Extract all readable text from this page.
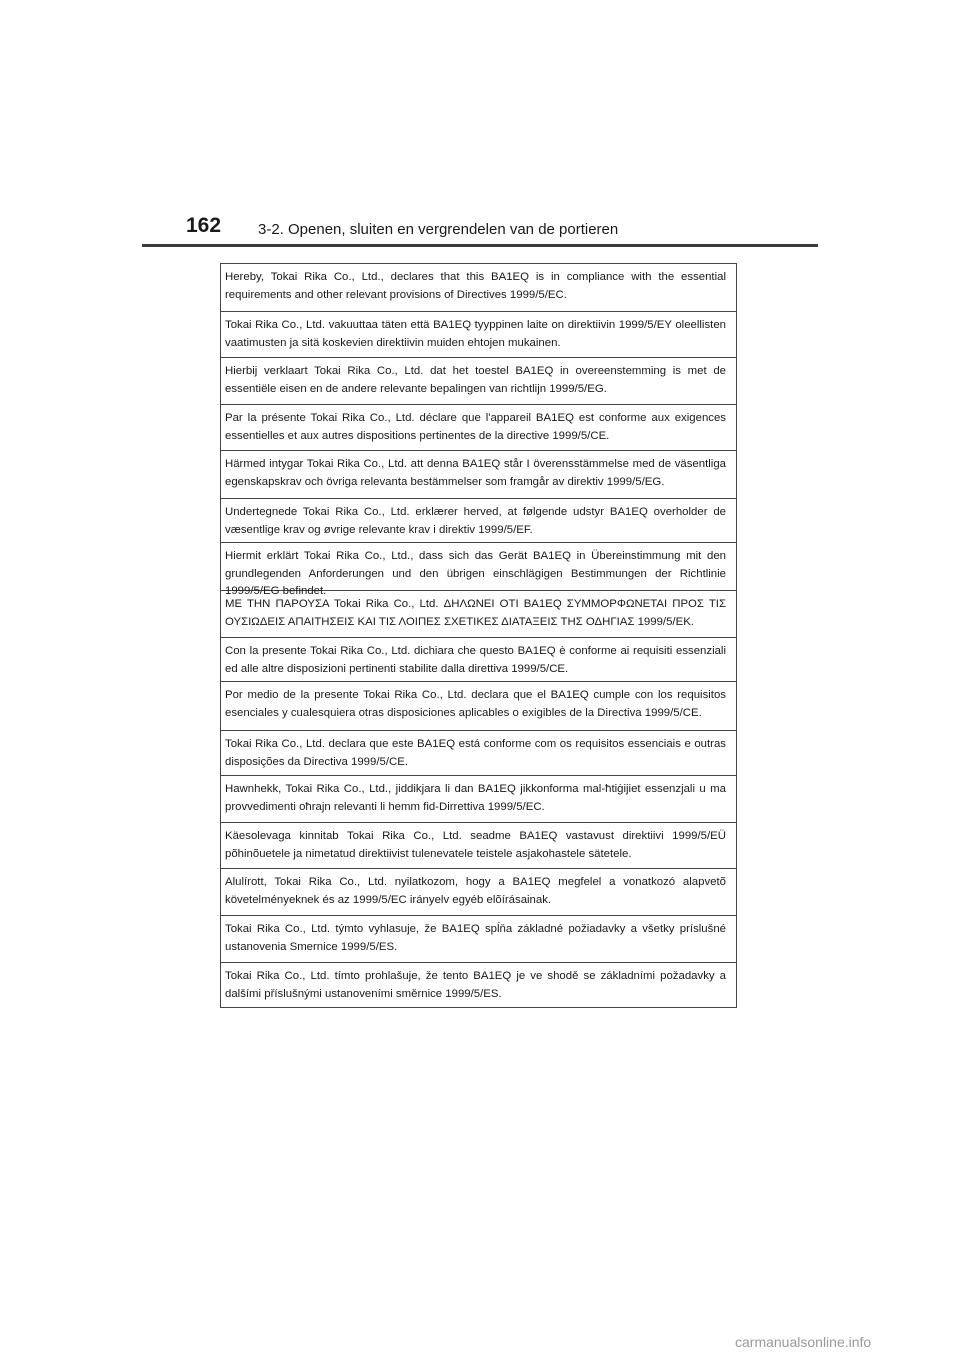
162 3-2. Openen, sluiten en vergrendelen van de portieren
Hereby, Tokai Rika Co., Ltd., declares that this BA1EQ is in compliance with the essential requirements and other relevant provisions of Directives 1999/5/EC.
Tokai Rika Co., Ltd. vakuuttaa täten että BA1EQ tyyppinen laite on direktiivin 1999/5/EY oleellisten vaatimusten ja sitä koskevien direktiivin muiden ehtojen mukainen.
Hierbij verklaart Tokai Rika Co., Ltd. dat het toestel BA1EQ in overeenstemming is met de essentiële eisen en de andere relevante bepalingen van richtlijn 1999/5/EG.
Par la présente Tokai Rika Co., Ltd. déclare que l'appareil BA1EQ est conforme aux exigences essentielles et aux autres dispositions pertinentes de la directive 1999/5/CE.
Härmed intygar Tokai Rika Co., Ltd. att denna BA1EQ står I överensstämmelse med de väsentliga egenskapskrav och övriga relevanta bestämmelser som framgår av direktiv 1999/5/EG.
Undertegnede Tokai Rika Co., Ltd. erklærer herved, at følgende udstyr BA1EQ overholder de væsentlige krav og øvrige relevante krav i direktiv 1999/5/EF.
Hiermit erklärt Tokai Rika Co., Ltd., dass sich das Gerät BA1EQ in Übereinstimmung mit den grundlegenden Anforderungen und den übrigen einschlägigen Bestimmungen der Richtlinie 1999/5/EG befindet.
ΜΕ ΤΗΝ ΠΑΡΟΥΣΑ Tokai Rika Co., Ltd. ΔΗΛΩΝΕΙ ΟΤΙ BA1EQ ΣΥΜΜΟΡΦΩΝΕΤΑΙ ΠΡΟΣ ΤΙΣ ΟΥΣΙΩΔΕΙΣ ΑΠΑΙΤΗΣΕΙΣ ΚΑΙ ΤΙΣ ΛΟΙΠΕΣ ΣΧΕΤΙΚΕΣ ΔΙΑΤΑΞΕΙΣ ΤΗΣ ΟΔΗΓΙΑΣ 1999/5/ΕΚ.
Con la presente Tokai Rika Co., Ltd. dichiara che questo BA1EQ è conforme ai requisiti essenziali ed alle altre disposizioni pertinenti stabilite dalla direttiva 1999/5/CE.
Por medio de la presente Tokai Rika Co., Ltd. declara que el BA1EQ cumple con los requisitos esenciales y cualesquiera otras disposiciones aplicables o exigibles de la Directiva 1999/5/CE.
Tokai Rika Co., Ltd. declara que este BA1EQ está conforme com os requisitos essenciais e outras disposições da Directiva 1999/5/CE.
Hawnhekk, Tokai Rika Co., Ltd., jiddikjara li dan BA1EQ jikkonforma mal-ħtiġijiet essenzjali u ma provvedimenti oħrajn relevanti li hemm fid-Dirrettiva 1999/5/EC.
Käesolevaga kinnitab Tokai Rika Co., Ltd. seadme BA1EQ vastavust direktiivi 1999/5/EÜ põhinõuetele ja nimetatud direktiivist tulenevatele teistele asjakohastele sätetele.
Alulírott, Tokai Rika Co., Ltd. nyilatkozom, hogy a BA1EQ megfelel a vonatkozó alapvetõ követelményeknek és az 1999/5/EC irányelv egyéb elõírásainak.
Tokai Rika Co., Ltd. týmto vyhlasuje, že BA1EQ spĺňa základné požiadavky a všetky príslušné ustanovenia Smernice 1999/5/ES.
Tokai Rika Co., Ltd. tímto prohlašuje, že tento BA1EQ je ve shodě se základními požadavky a dalšími příslušnými ustanoveními směrnice 1999/5/ES.
carmanualsonline.info
